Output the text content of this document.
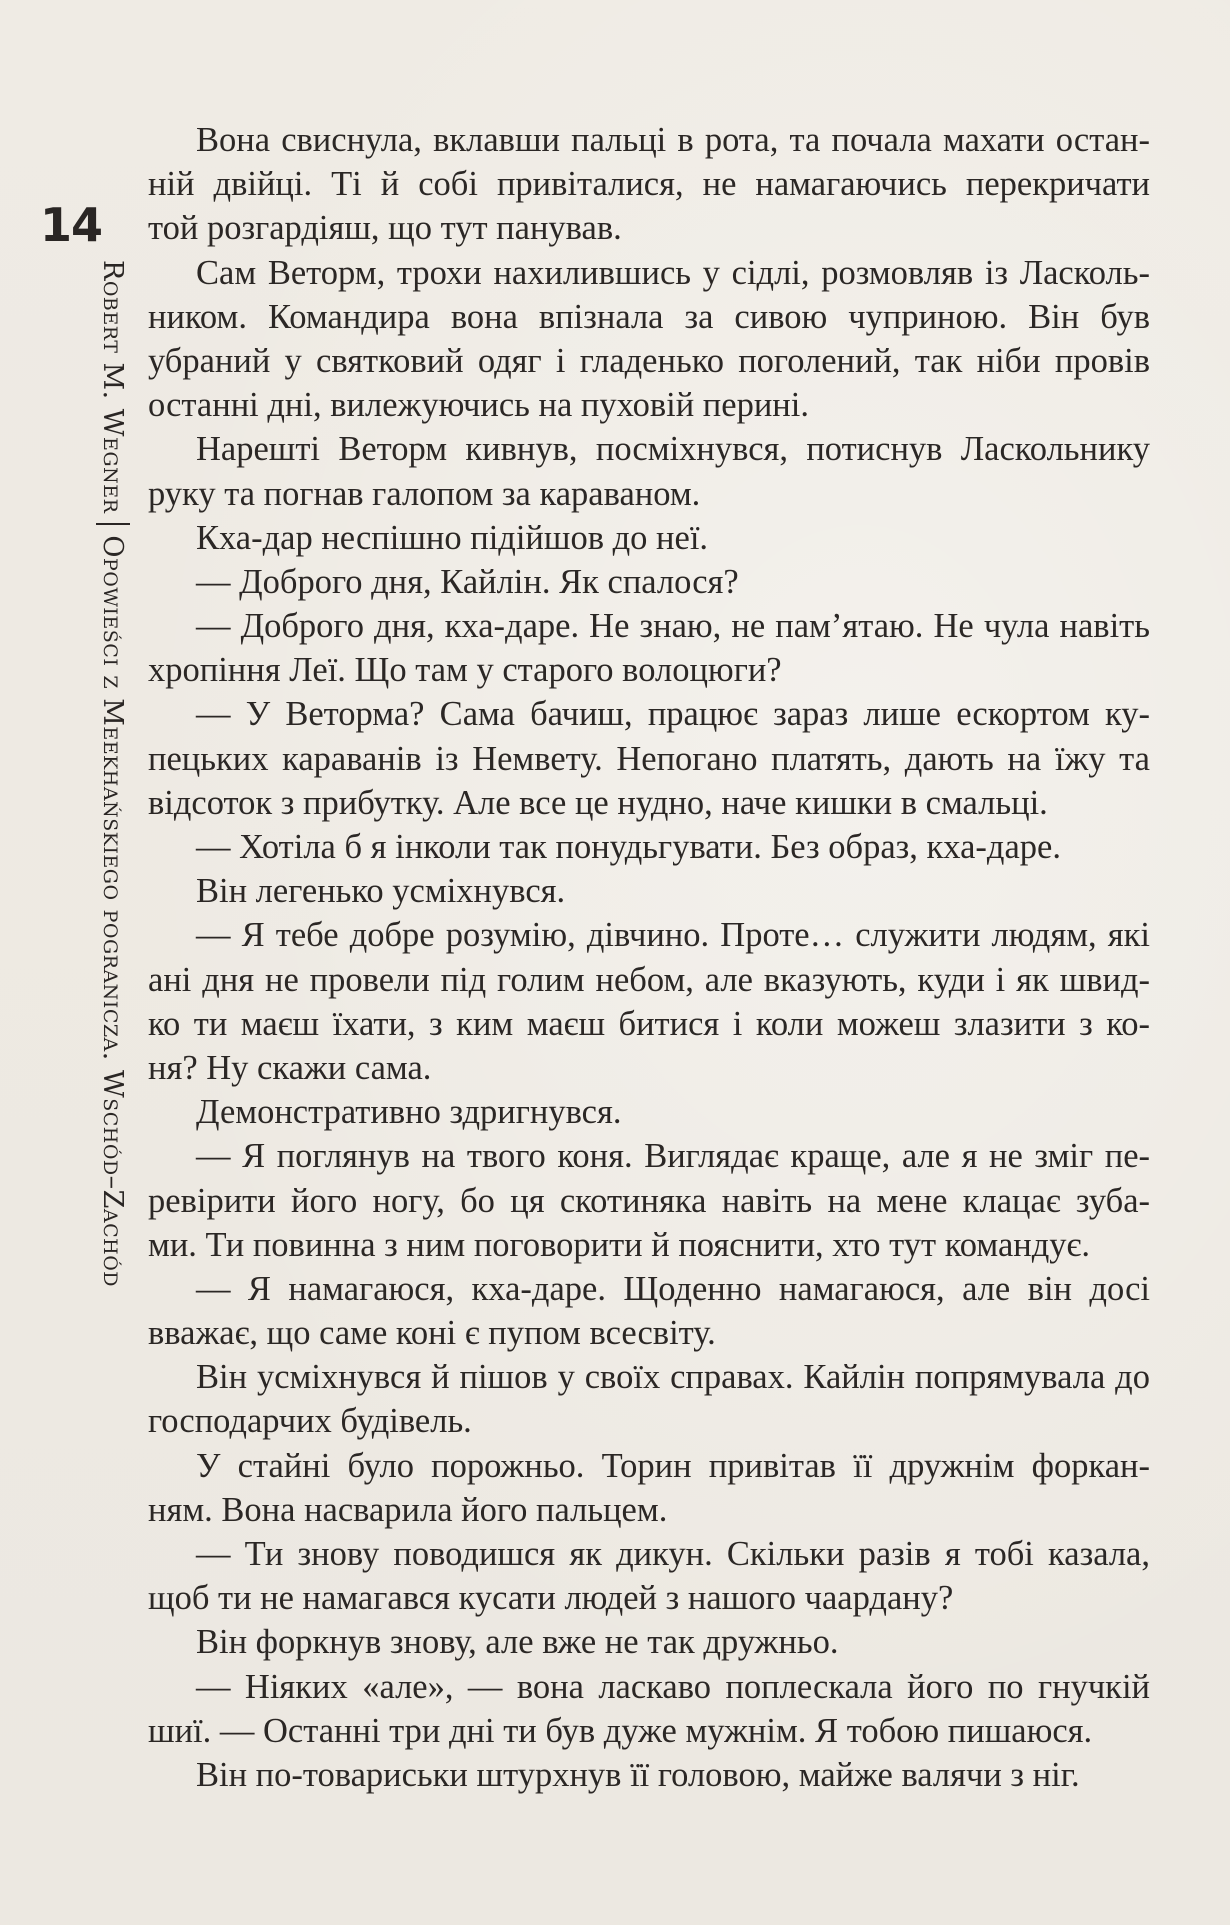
14
Robert M. WegnerOpowieści z Meekhańskiego pogranicza. Wschód–Zachód
Вона свиснула, вклавши пальці в рота, та почала махати остан-
ній двійці. Ті й собі привіталися, не намагаючись перекричати
той розгардіяш, що тут панував.
Сам Веторм, трохи нахилившись у сідлі, розмовляв із Ласколь-
ником. Командира вона впізнала за сивою чуприною. Він був
убраний у святковий одяг і гладенько поголений, так ніби провів
останні дні, вилежуючись на пуховій перині.
Нарешті Веторм кивнув, посміхнувся, потиснув Ласкольнику
руку та погнав галопом за караваном.
Кха-дар неспішно підійшов до неї.
— Доброго дня, Кайлін. Як спалося?
— Доброго дня, кха-даре. Не знаю, не пам’ятаю. Не чула навіть
хропіння Леї. Що там у старого волоцюги?
— У Веторма? Сама бачиш, працює зараз лише ескортом ку-
пецьких караванів із Немвету. Непогано платять, дають на їжу та
відсоток з прибутку. Але все це нудно, наче кишки в смальці.
— Хотіла б я інколи так понудьгувати. Без образ, кха-даре.
Він легенько усміхнувся.
— Я тебе добре розумію, дівчино. Проте… служити людям, які
ані дня не провели під голим небом, але вказують, куди і як швид-
ко ти маєш їхати, з ким маєш битися і коли можеш злазити з ко-
ня? Ну скажи сама.
Демонстративно здригнувся.
— Я поглянув на твого коня. Виглядає краще, але я не зміг пе-
ревірити його ногу, бо ця скотиняка навіть на мене клацає зуба-
ми. Ти повинна з ним поговорити й пояснити, хто тут командує.
— Я намагаюся, кха-даре. Щоденно намагаюся, але він досі
вважає, що саме коні є пупом всесвіту.
Він усміхнувся й пішов у своїх справах. Кайлін попрямувала до
господарчих будівель.
У стайні було порожньо. Торин привітав її дружнім форкан-
ням. Вона насварила його пальцем.
— Ти знову поводишся як дикун. Скільки разів я тобі казала,
щоб ти не намагався кусати людей з нашого чаардану?
Він форкнув знову, але вже не так дружньо.
— Ніяких «але», — вона ласкаво поплескала його по гнучкій
шиї. — Останні три дні ти був дуже мужнім. Я тобою пишаюся.
Він по-товариськи штурхнув її головою, майже валячи з ніг.
